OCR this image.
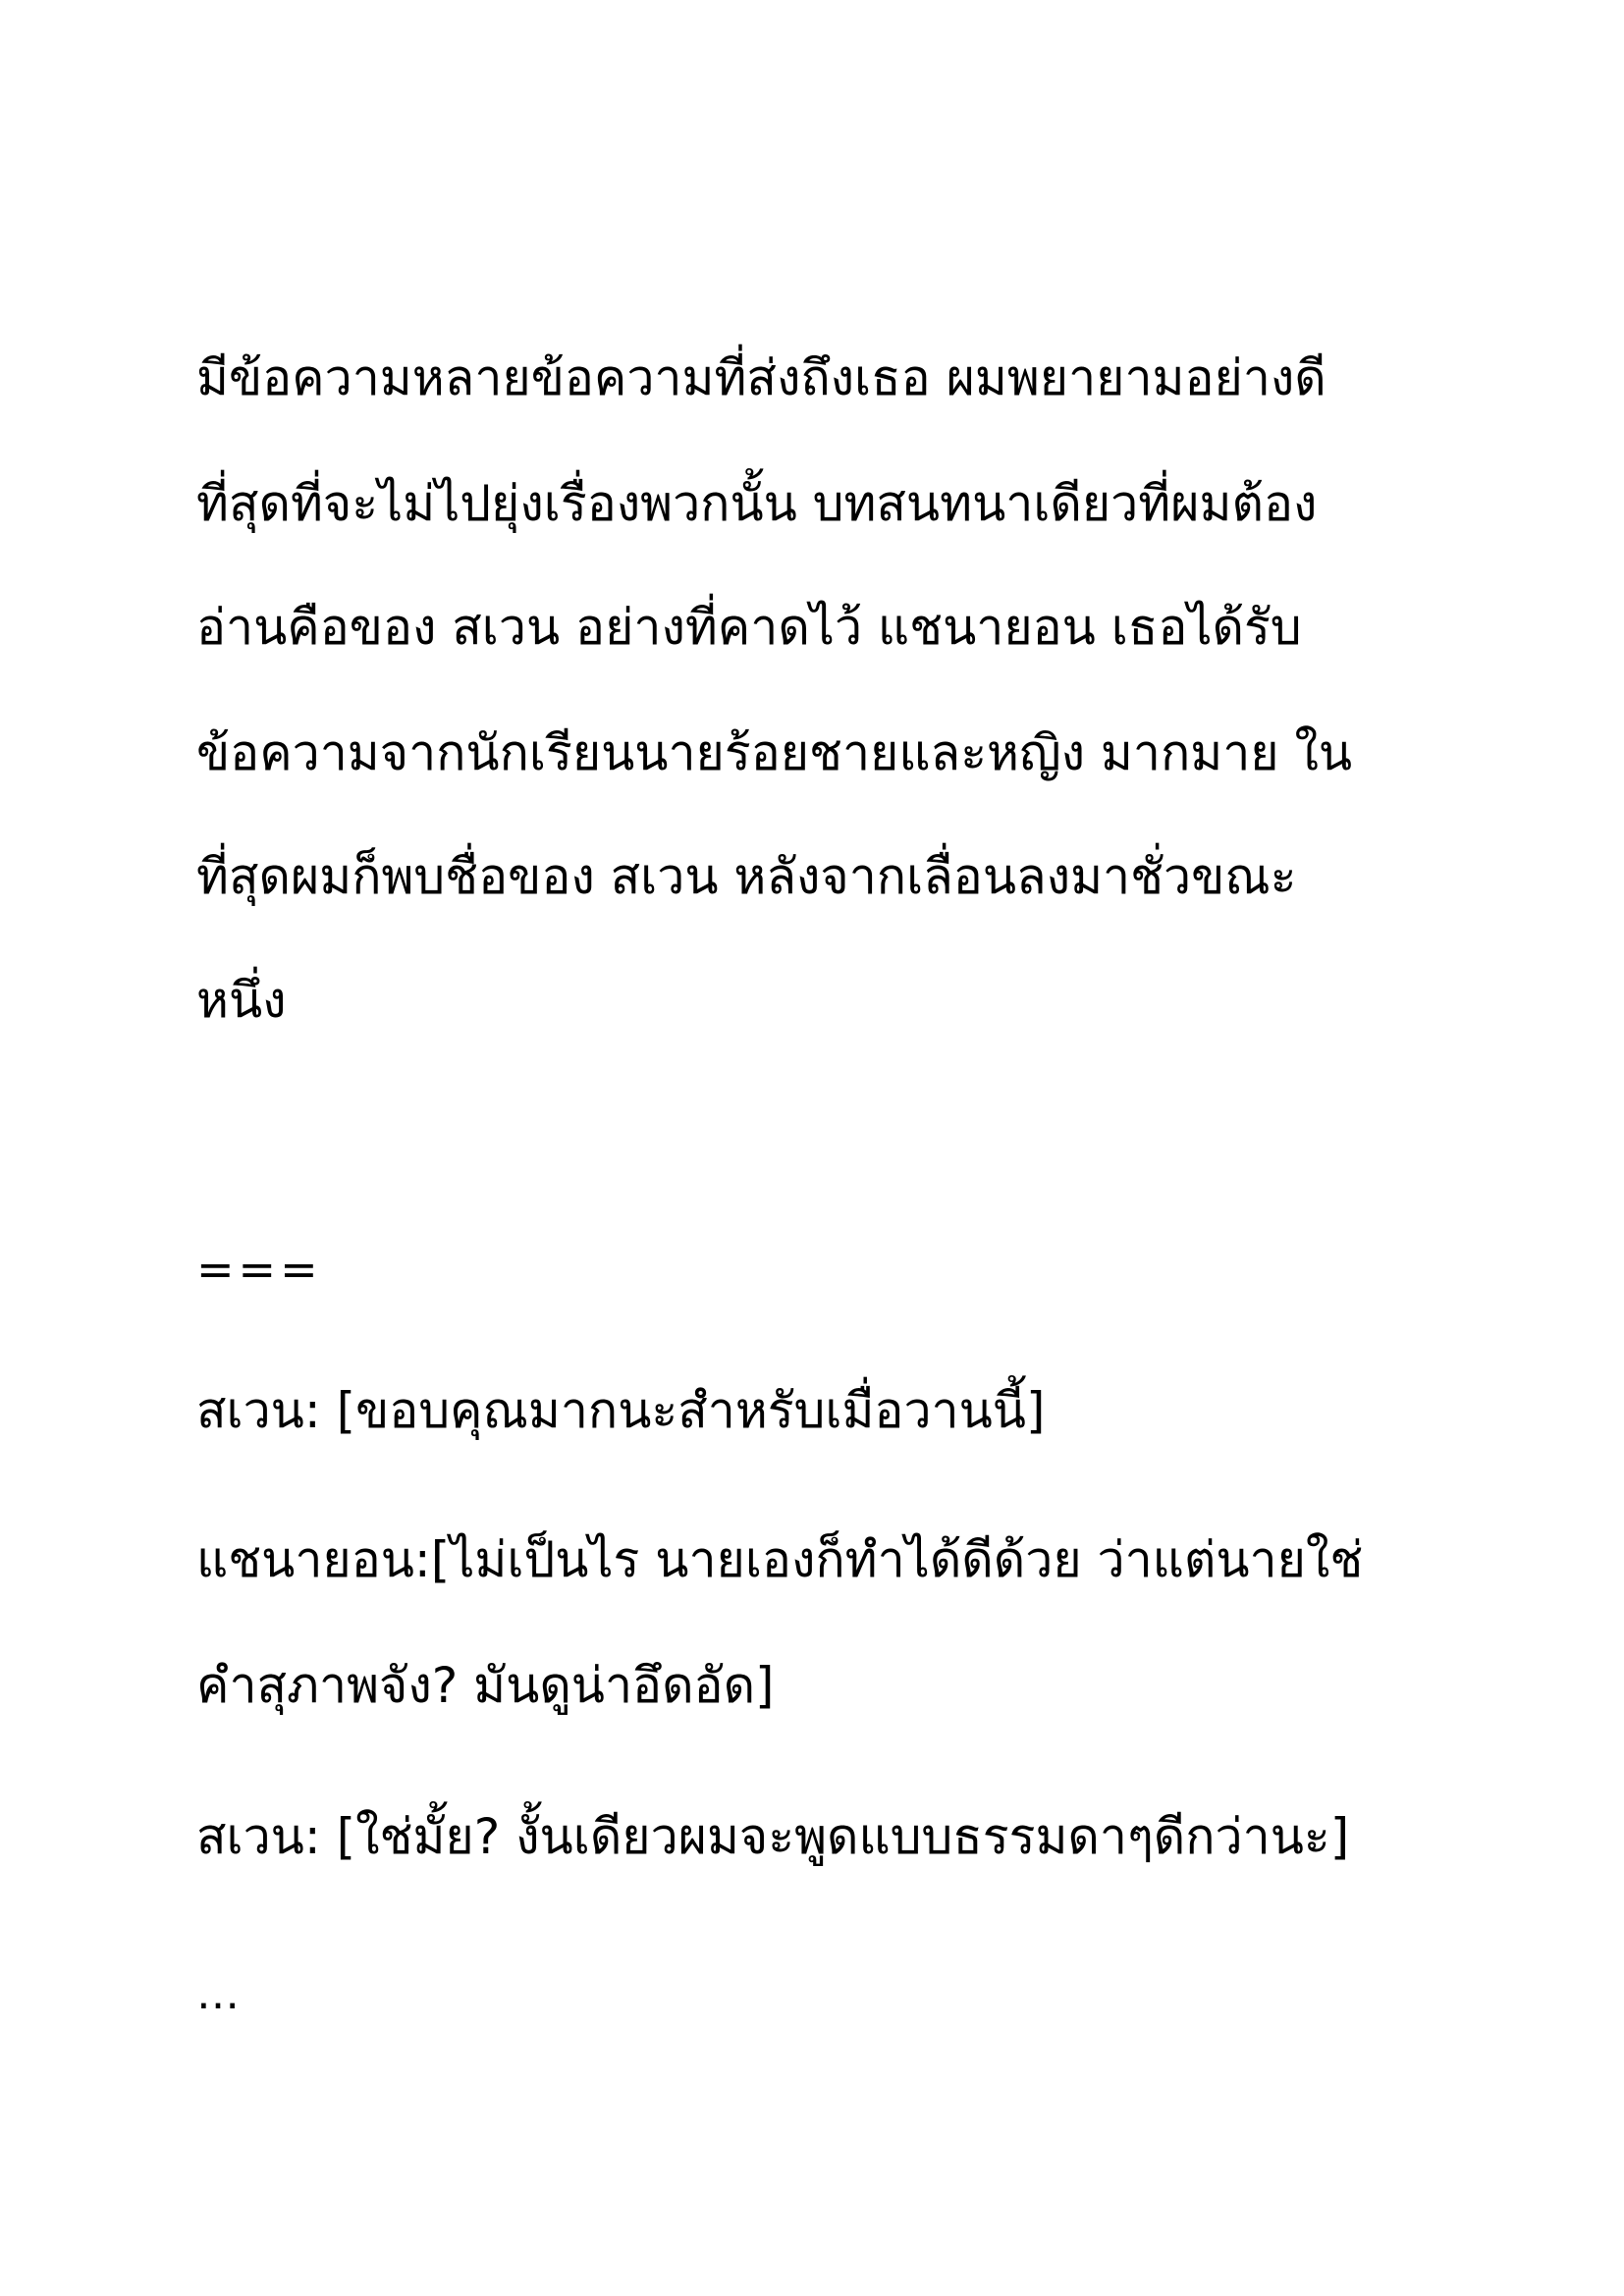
มีข้อความหลายข้อความที่ส่งถึงเธอ ผมพยายามอย่างดี
ที่สุดที่จะไม่ไปยุ่งเรื่องพวกนั้น บทสนทนาเดียวที่ผมต้อง
อ่านคือของ สเวน อย่างที่คาดไว้ แชนายอน เธอได้รับ
ข้อความจากนักเรียนนายร้อยชายและหญิง มากมาย ใน
ที่สุดผมก็พบชื่อของ สเวน หลังจากเลื่อนลงมาชั่วขณะ
หนึ่ง
===
สเวน: [ขอบคุณมากนะสำหรับเมื่อวานนี้]
แชนายอน:[ไม่เป็นไร นายเองก็ทำได้ดีด้วย ว่าแต่นายใช่
คำสุภาพจัง? มันดูน่าอึดอัด]
สเวน: [ใช่มั้ย? งั้นเดียวผมจะพูดแบบธรรมดาๆดีกว่านะ]
…
